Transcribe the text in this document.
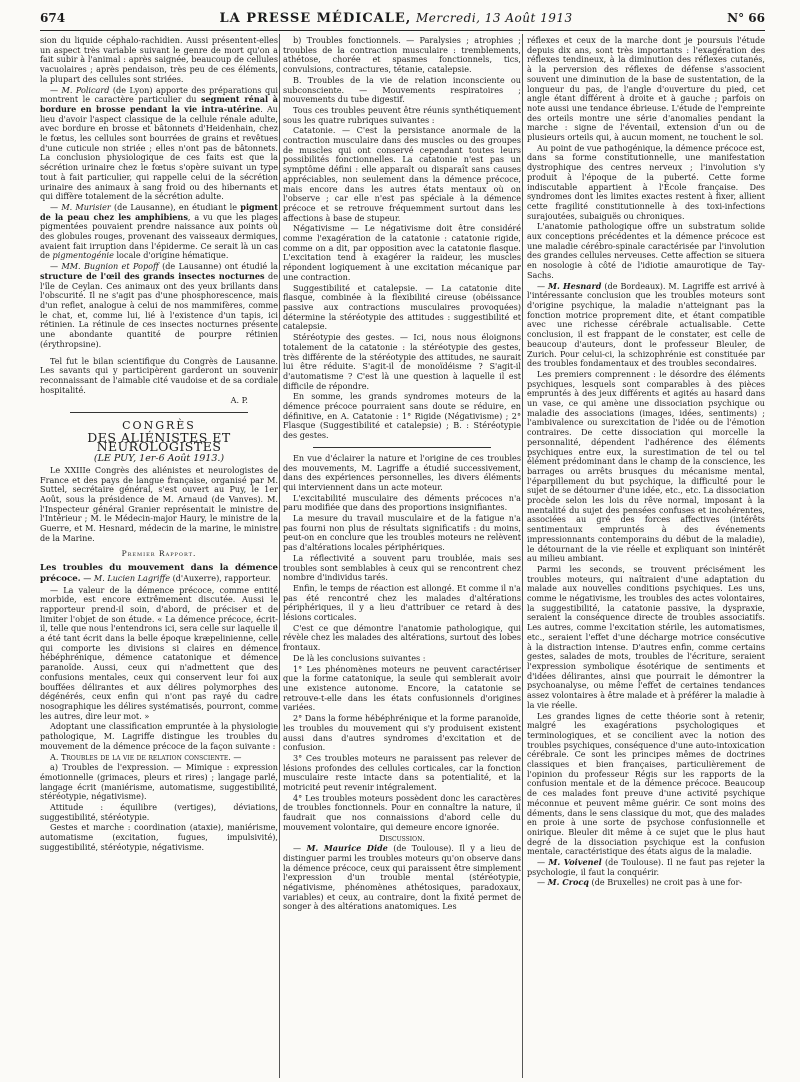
674	LA PRESSE MÉDICALE, Mercredi, 13 Août 1913	N° 66

sion du liquide céphalo-rachidien. Aussi présentent-elles un aspect très variable suivant le genre de mort qu'on a fait subir à l'animal : après saignée, beaucoup de cellules vacuolaires ; après pendaison, très peu de ces éléments, la plupart des cellules sont striées.

— M. Policard (de Lyon) apporte des préparations qui montrent le caractère particulier du segment rénal à bordure en brosse pendant la vie intra-utérine. Au lieu d'avoir l'aspect classique de la cellule rénale adulte, avec bordure en brosse et bâtonnets d'Heidenhain, chez le fœtus, les cellules sont bourrées de grains et revêtues d'une cuticule non striée ; elles n'ont pas de bâtonnets. La conclusion physiologique de ces faits est que la sécrétion urinaire chez le fœtus s'opère suivant un type tout à fait particulier, qui rappelle celui de la sécrétion urinaire des animaux à sang froid ou des hibernants et qui diffère totalement de la sécrétion adulte.

— M. Murisier (de Lausanne), en étudiant le pigment de la peau chez les amphibiens, a vu que les plages pigmentées pouvaient prendre naissance aux points où des globules rouges, provenant des vaisseaux dermiques, avaient fait irruption dans l'épiderme. Ce serait là un cas de pigmentogénie locale d'origine hématique.

— MM. Bugnion et Popoff (de Lausanne) ont étudié la structure de l'œil des grands insectes nocturnes de l'île de Ceylan. Ces animaux ont des yeux brillants dans l'obscurité. Il ne s'agit pas d'une phosphorescence, mais d'un reflet, analogue à celui de nos mammifères, comme le chat, et, comme lui, lié à l'existence d'un tapis, ici rétinien. La rétinule de ces insectes nocturnes présente une abondante quantité de pourpre rétinien (érythropsine).

Tel fut le bilan scientifique du Congrès de Lausanne. Les savants qui y participèrent garderont un souvenir reconnaissant de l'aimable cité vaudoise et de sa cordiale hospitalité.

A. P.

CONGRÈS
DES ALIÉNISTES ET NEUROLOGISTES
(LE PUY, 1er-6 Août 1913.)

Le XXIIIe Congrès des aliénistes et neurologistes de France et des pays de langue française, organisé par M. Suttel, secrétaire général, s'est ouvert au Puy, le 1er Août, sous la présidence de M. Arnaud (de Vanves). M. l'Inspecteur général Granier représentait le ministre de l'Intérieur ; M. le Médecin-major Haury, le ministre de la Guerre, et M. Hesnard, médecin de la marine, le ministre de la Marine.

Premier Rapport.

Les troubles du mouvement dans la démence précoce. — M. Lucien Lagriffe (d'Auxerre), rapporteur.

— La valeur de la démence précoce, comme entité morbide, est encore extrêmement discutée. Aussi le rapporteur prend-il soin, d'abord, de préciser et de limiter l'objet de son étude. « La démence précoce, écrit-il, telle que nous l'entendrons ici, sera celle sur laquelle il a été tant écrit dans la belle époque kræpelinienne, celle qui comporte les divisions si claires en démence hébéphrénique, démence catatonique et démence paranoïde. Aussi, ceux qui n'admettent que des confusions mentales, ceux qui conservent leur foi aux bouffées délirantes et aux délires polymorphes des dégénérés, ceux enfin qui n'ont pas rayé du cadre nosographique les délires systématisés, pourront, comme les autres, dire leur mot. »

Adoptant une classification empruntée à la physiologie pathologique, M. Lagriffe distingue les troubles du mouvement de la démence précoce de la façon suivante :

A. Troubles de la vie de relation consciente. —

a) Troubles de l'expression. — Mimique : expression émotionnelle (grimaces, pleurs et rires) ; langage parlé, langage écrit (maniérisme, automatisme, suggestibilité, stéréotypie, négativisme).

Attitude : équilibre (vertiges), déviations, suggestibilité, stéréotypie.

Gestes et marche : coordination (ataxie), maniérisme, automatisme (excitation, fugues, impulsivité), suggestibilité, stéréotypie, négativisme.

b) Troubles fonctionnels. — Paralysies ; atrophies ; troubles de la contraction musculaire : tremblements, athétose, chorée et spasmes fonctionnels, tics, convulsions, contractures, tétanie, catalepsie.

B. Troubles de la vie de relation inconsciente ou subconsciente. — Mouvements respiratoires ; mouvements du tube digestif.

Tous ces troubles peuvent être réunis synthétiquement sous les quatre rubriques suivantes :

Catatonie. — C'est la persistance anormale de la contraction musculaire dans des muscles ou des groupes de muscles qui ont conservé cependant toutes leurs possibilités fonctionnelles. La catatonie n'est pas un symptôme défini : elle apparaît ou disparaît sans causes appréciables, non seulement dans la démence précoce, mais encore dans les autres états mentaux où on l'observe ; car elle n'est pas spéciale à la démence précoce et se retrouve fréquemment surtout dans les affections à base de stupeur.

Négativisme — Le négativisme doit être considéré comme l'exagération de la catatonie : catatonie rigide, comme on a dit, par opposition avec la catatonie flasque. L'excitation tend à exagérer la raideur, les muscles répondent logiquement à une excitation mécanique par une contraction.

Suggestibilité et catalepsie. — La catatonie dite flasque, combinée à la flexibilité cireuse (obéissance passive aux contractions musculaires provoquées) détermine la stéréotypie des attitudes : suggestibilité et catalepsie.

Stéréotypie des gestes. — Ici, nous nous éloignons totalement de la catatonie : la stéréotypie des gestes, très différente de la stéréotypie des attitudes, ne saurait lui être réduite. S'agit-il de monoïdéisme ? S'agit-il d'automatisme ? C'est là une question à laquelle il est difficile de répondre.

En somme, les grands syndromes moteurs de la démence précoce pourraient sans doute se réduire, en définitive, en A. Catatonie : 1° Rigide (Négativisme) ; 2° Flasque (Suggestibilité et catalepsie) ; B. : Stéréotypie des gestes.

En vue d'éclairer la nature et l'origine de ces troubles des mouvements, M. Lagriffe a étudié successivement, dans des expériences personnelles, les divers éléments qui interviennent dans un acte moteur.

L'excitabilité musculaire des déments précoces n'a paru modifiée que dans des proportions insignifiantes.

La mesure du travail musculaire et de la fatigue n'a pas fourni non plus de résultats significatifs : du moins, peut-on en conclure que les troubles moteurs ne relèvent pas d'altérations locales périphériques.

La réflectivité a souvent paru troublée, mais ses troubles sont semblables à ceux qui se rencontrent chez nombre d'individus tarés.

Enfin, le temps de réaction est allongé. Et comme il n'a pas été rencontré chez les malades d'altérations périphériques, il y a lieu d'attribuer ce retard à des lésions corticales.

C'est ce que démontre l'anatomie pathologique, qui révèle chez les malades des altérations, surtout des lobes frontaux.

De là les conclusions suivantes :

1° Les phénomènes moteurs ne peuvent caractériser que la forme catatonique, la seule qui semblerait avoir une existence autonome. Encore, la catatonie se retrouve-t-elle dans les états confusionnels d'origines variées.

2° Dans la forme hébéphrénique et la forme paranoïde, les troubles du mouvement qui s'y produisent existent aussi dans d'autres syndromes d'excitation et de confusion.

3° Ces troubles moteurs ne paraissent pas relever de lésions profondes des cellules corticales, car la fonction musculaire reste intacte dans sa potentialité, et la motricité peut revenir intégralement.

4° Les troubles moteurs possèdent donc les caractères de troubles fonctionnels. Pour en connaître la nature, il faudrait que nos connaissions d'abord celle du mouvement volontaire, qui demeure encore ignorée.

Discussion.

— M. Maurice Dide (de Toulouse). Il y a lieu de distinguer parmi les troubles moteurs qu'on observe dans la démence précoce, ceux qui paraissent être simplement l'expression d'un trouble mental (stéréotypie, négativisme, phénomènes athétosiques, paradoxaux, variables) et ceux, au contraire, dont la fixité permet de songer à des altérations anatomiques. Les

réflexes et ceux de la marche dont je poursuis l'étude depuis dix ans, sont très importants : l'exagération des réflexes tendineux, à la diminution des réflexes cutanés, à la perversion des réflexes de défense s'associent souvent une diminution de la base de sustentation, de la longueur du pas, de l'angle d'ouverture du pied, cet angle étant différent à droite et à gauche ; parfois on note aussi une tendance ébrieuse. L'étude de l'empreinte des orteils montre une série d'anomalies pendant la marche : signe de l'éventail, extension d'un ou de plusieurs orteils qui, à aucun moment, ne touchent le sol.

Au point de vue pathogénique, la démence précoce est, dans sa forme constitutionnelle, une manifestation dystrophique des centres nerveux ; l'involution s'y produit à l'époque de la puberté. Cette forme indiscutable appartient à l'École française. Des syndromes dont les limites exactes restent à fixer, allient cette fragilité constitutionnelle à des toxi-infections surajoutées, subaiguës ou chroniques.

L'anatomie pathologique offre un substratum solide aux conceptions précédentes et la démence précoce est une maladie cérébro-spinale caractérisée par l'involution des grandes cellules nerveuses. Cette affection se situera en nosologie à côté de l'idiotie amaurotique de Tay-Sachs.

— M. Hesnard (de Bordeaux). M. Lagriffe est arrivé à l'intéressante conclusion que les troubles moteurs sont d'origine psychique, la maladie n'atteignant pas la fonction motrice proprement dite, et étant compatible avec une richesse cérébrale actualisable. Cette conclusion, il est frappant de le constater, est celle de beaucoup d'auteurs, dont le professeur Bleuler, de Zurich. Pour celui-ci, la schizophrénie est constituée par des troubles fondamentaux et des troubles secondaires.

Les premiers comprennent : le désordre des éléments psychiques, lesquels sont comparables à des pièces empruntés à des jeux différents et agités au hasard dans un vase, ce qui amène une dissociation psychique ou maladie des associations (images, idées, sentiments) ; l'ambivalence ou surexcitation de l'idée ou de l'émotion contraires. De cette dissociation qui morcelle la personnalité, dépendent l'adhérence des éléments psychiques entre eux, la surestimation de tel ou tel élément prédominant dans le champ de la conscience, les barrages ou arrêts brusques du mécanisme mental, l'éparpillement du but psychique, la difficulté pour le sujet de se détourner d'une idée, etc., etc. La dissociation procède selon les lois du rêve normal, imposant à la mentalité du sujet des pensées confuses et incohérentes, associées au gré des forces affectives (intérêts sentimentaux empruntés à des événements impressionnants contemporains du début de la maladie), le détournant de la vie réelle et expliquant son inintérêt au milieu ambiant.

Parmi les seconds, se trouvent précisément les troubles moteurs, qui naîtraient d'une adaptation du malade aux nouvelles conditions psychiques. Les uns, comme le négativisme, les troubles des actes volontaires, la suggestibilité, la catatonie passive, la dyspraxie, seraient la conséquence directe de troubles associatifs. Les autres, comme l'excitation stérile, les automatismes, etc., seraient l'effet d'une décharge motrice consécutive à la distraction intense. D'autres enfin, comme certains gestes, salades de mots, troubles de l'écriture, seraient l'expression symbolique ésotérique de sentiments et d'idées délirantes, ainsi que pourrait le démontrer la psychoanalyse, ou même l'effet de certaines tendances assez volontaires à être malade et à préférer la maladie à la vie réelle.

Les grandes lignes de cette théorie sont à retenir, malgré les exagérations psychologiques et terminologiques, et se concilient avec la notion des troubles psychiques, conséquence d'une auto-intoxication cérébrale. Ce sont les principes mêmes de doctrines classiques et bien françaises, particulièrement de l'opinion du professeur Régis sur les rapports de la confusion mentale et de la démence précoce. Beaucoup de ces malades font preuve d'une activité psychique méconnue et peuvent même guérir. Ce sont moins des déments, dans le sens classique du mot, que des malades en proie à une sorte de psychose confusionnelle et onirique. Bleuler dit même à ce sujet que le plus haut degré de la dissociation psychique est la confusion mentale, caractéristique des états aigus de la maladie.

— M. Voivenel (de Toulouse). Il ne faut pas rejeter la psychologie, il faut la conquérir.

— M. Crocq (de Bruxelles) ne croit pas à une for-
